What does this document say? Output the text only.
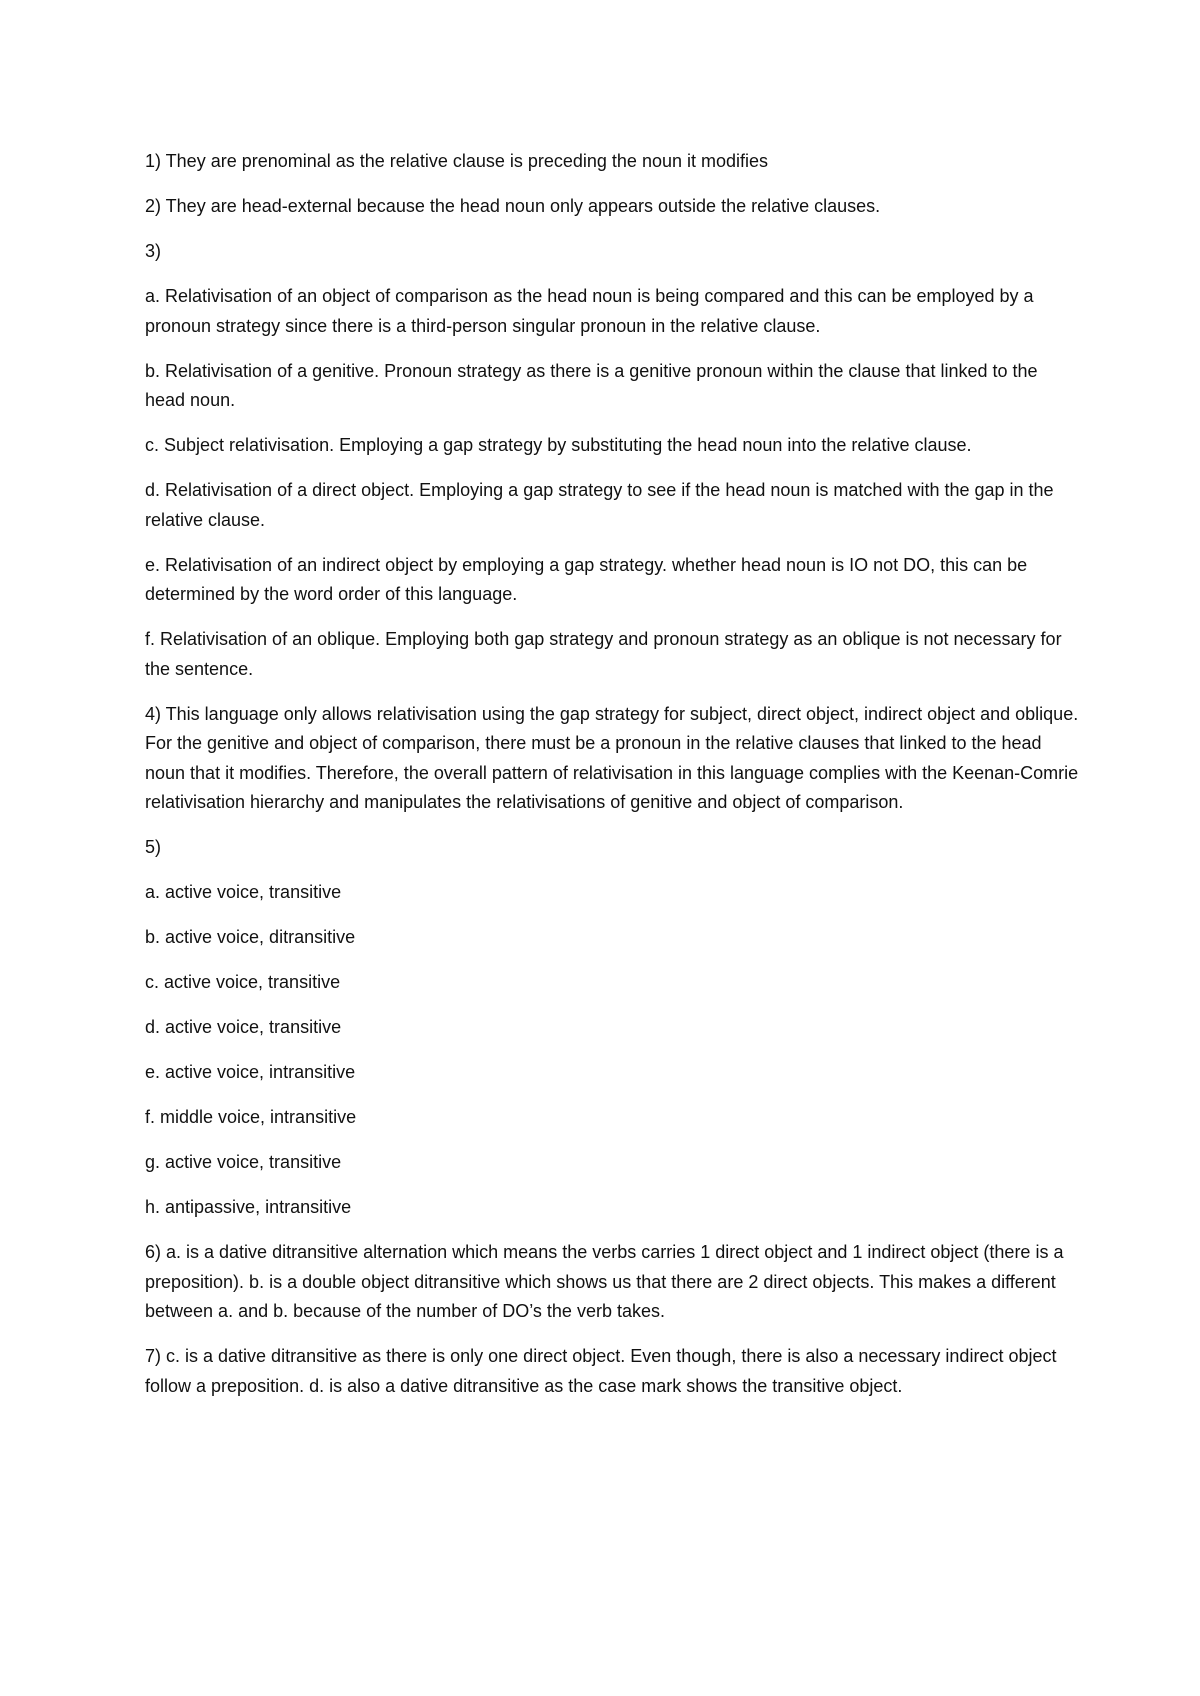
1) They are prenominal as the relative clause is preceding the noun it modifies

2) They are head-external because the head noun only appears outside the relative clauses.

3)

a. Relativisation of an object of comparison as the head noun is being compared and this can be employed by a pronoun strategy since there is a third-person singular pronoun in the relative clause.

b. Relativisation of a genitive. Pronoun strategy as there is a genitive pronoun within the clause that linked to the head noun.

c. Subject relativisation. Employing a gap strategy by substituting the head noun into the relative clause.

d. Relativisation of a direct object. Employing a gap strategy to see if the head noun is matched with the gap in the relative clause.

e. Relativisation of an indirect object by employing a gap strategy. whether head noun is IO not DO, this can be determined by the word order of this language.

f. Relativisation of an oblique. Employing both gap strategy and pronoun strategy as an oblique is not necessary for the sentence.

4) This language only allows relativisation using the gap strategy for subject, direct object, indirect object and oblique. For the genitive and object of comparison, there must be a pronoun in the relative clauses that linked to the head noun that it modifies. Therefore, the overall pattern of relativisation in this language complies with the Keenan-Comrie relativisation hierarchy and manipulates the relativisations of genitive and object of comparison.

5)

a. active voice, transitive

b. active voice, ditransitive

c. active voice, transitive

d. active voice, transitive

e. active voice, intransitive

f. middle voice, intransitive

g. active voice, transitive

h. antipassive, intransitive

6) a. is a dative ditransitive alternation which means the verbs carries 1 direct object and 1 indirect object (there is a preposition). b. is a double object ditransitive which shows us that there are 2 direct objects. This makes a different between a. and b. because of the number of DO’s the verb takes.

7) c. is a dative ditransitive as there is only one direct object. Even though, there is also a necessary indirect object follow a preposition. d. is also a dative ditransitive as the case mark shows the transitive object.
